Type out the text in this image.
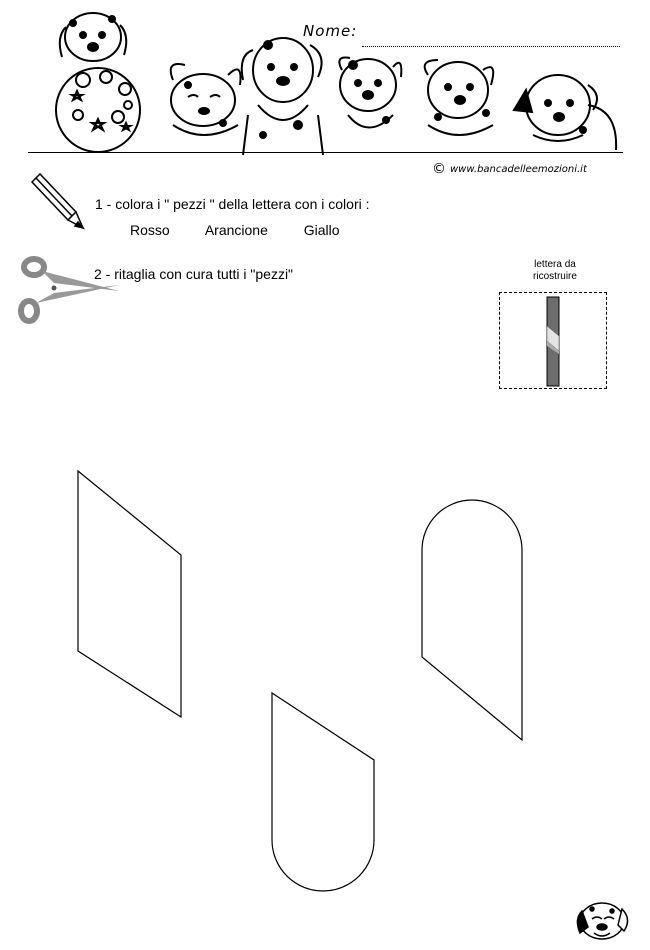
Nome:
© www.bancadelleemozioni.it
1 - colora i " pezzi " della lettera con i colori :
Rosso	Arancione	Giallo
2 - ritaglia con cura tutti i "pezzi"
lettera da
ricostruire
